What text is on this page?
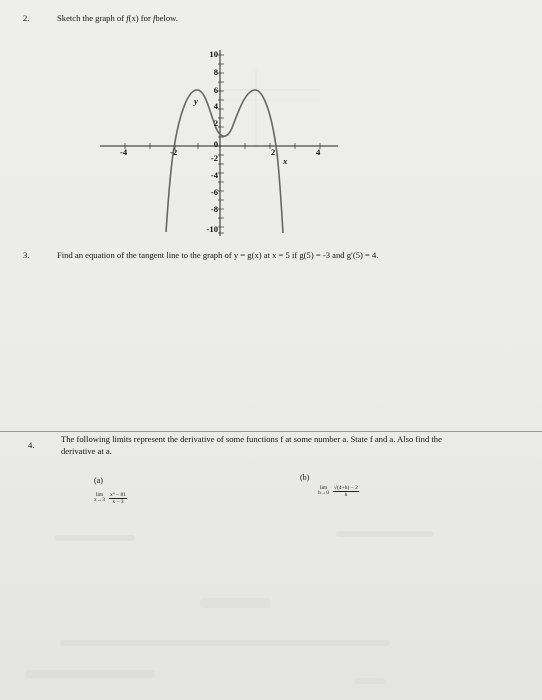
2.	Sketch the graph of f(x) for fbelow.
y
x
10
8
6
4
2
0
-2
-4
-6
-8
-10
-4	-2	2	4
3.	Find an equation of the tangent line to the graph of y = g(x) at x = 5 if g(5) = -3 and g′(5) = 4.
4.
The following limits represent the derivative of some functions f at some number a. State f and a. Also find the
derivative at a.
(a)
lim
$x\to 3 \frac{\text{x⁴ − 81}}{x - 3}$
(b)
lim
$h\to 0 \frac{√(4+h) - 2}{h}$
